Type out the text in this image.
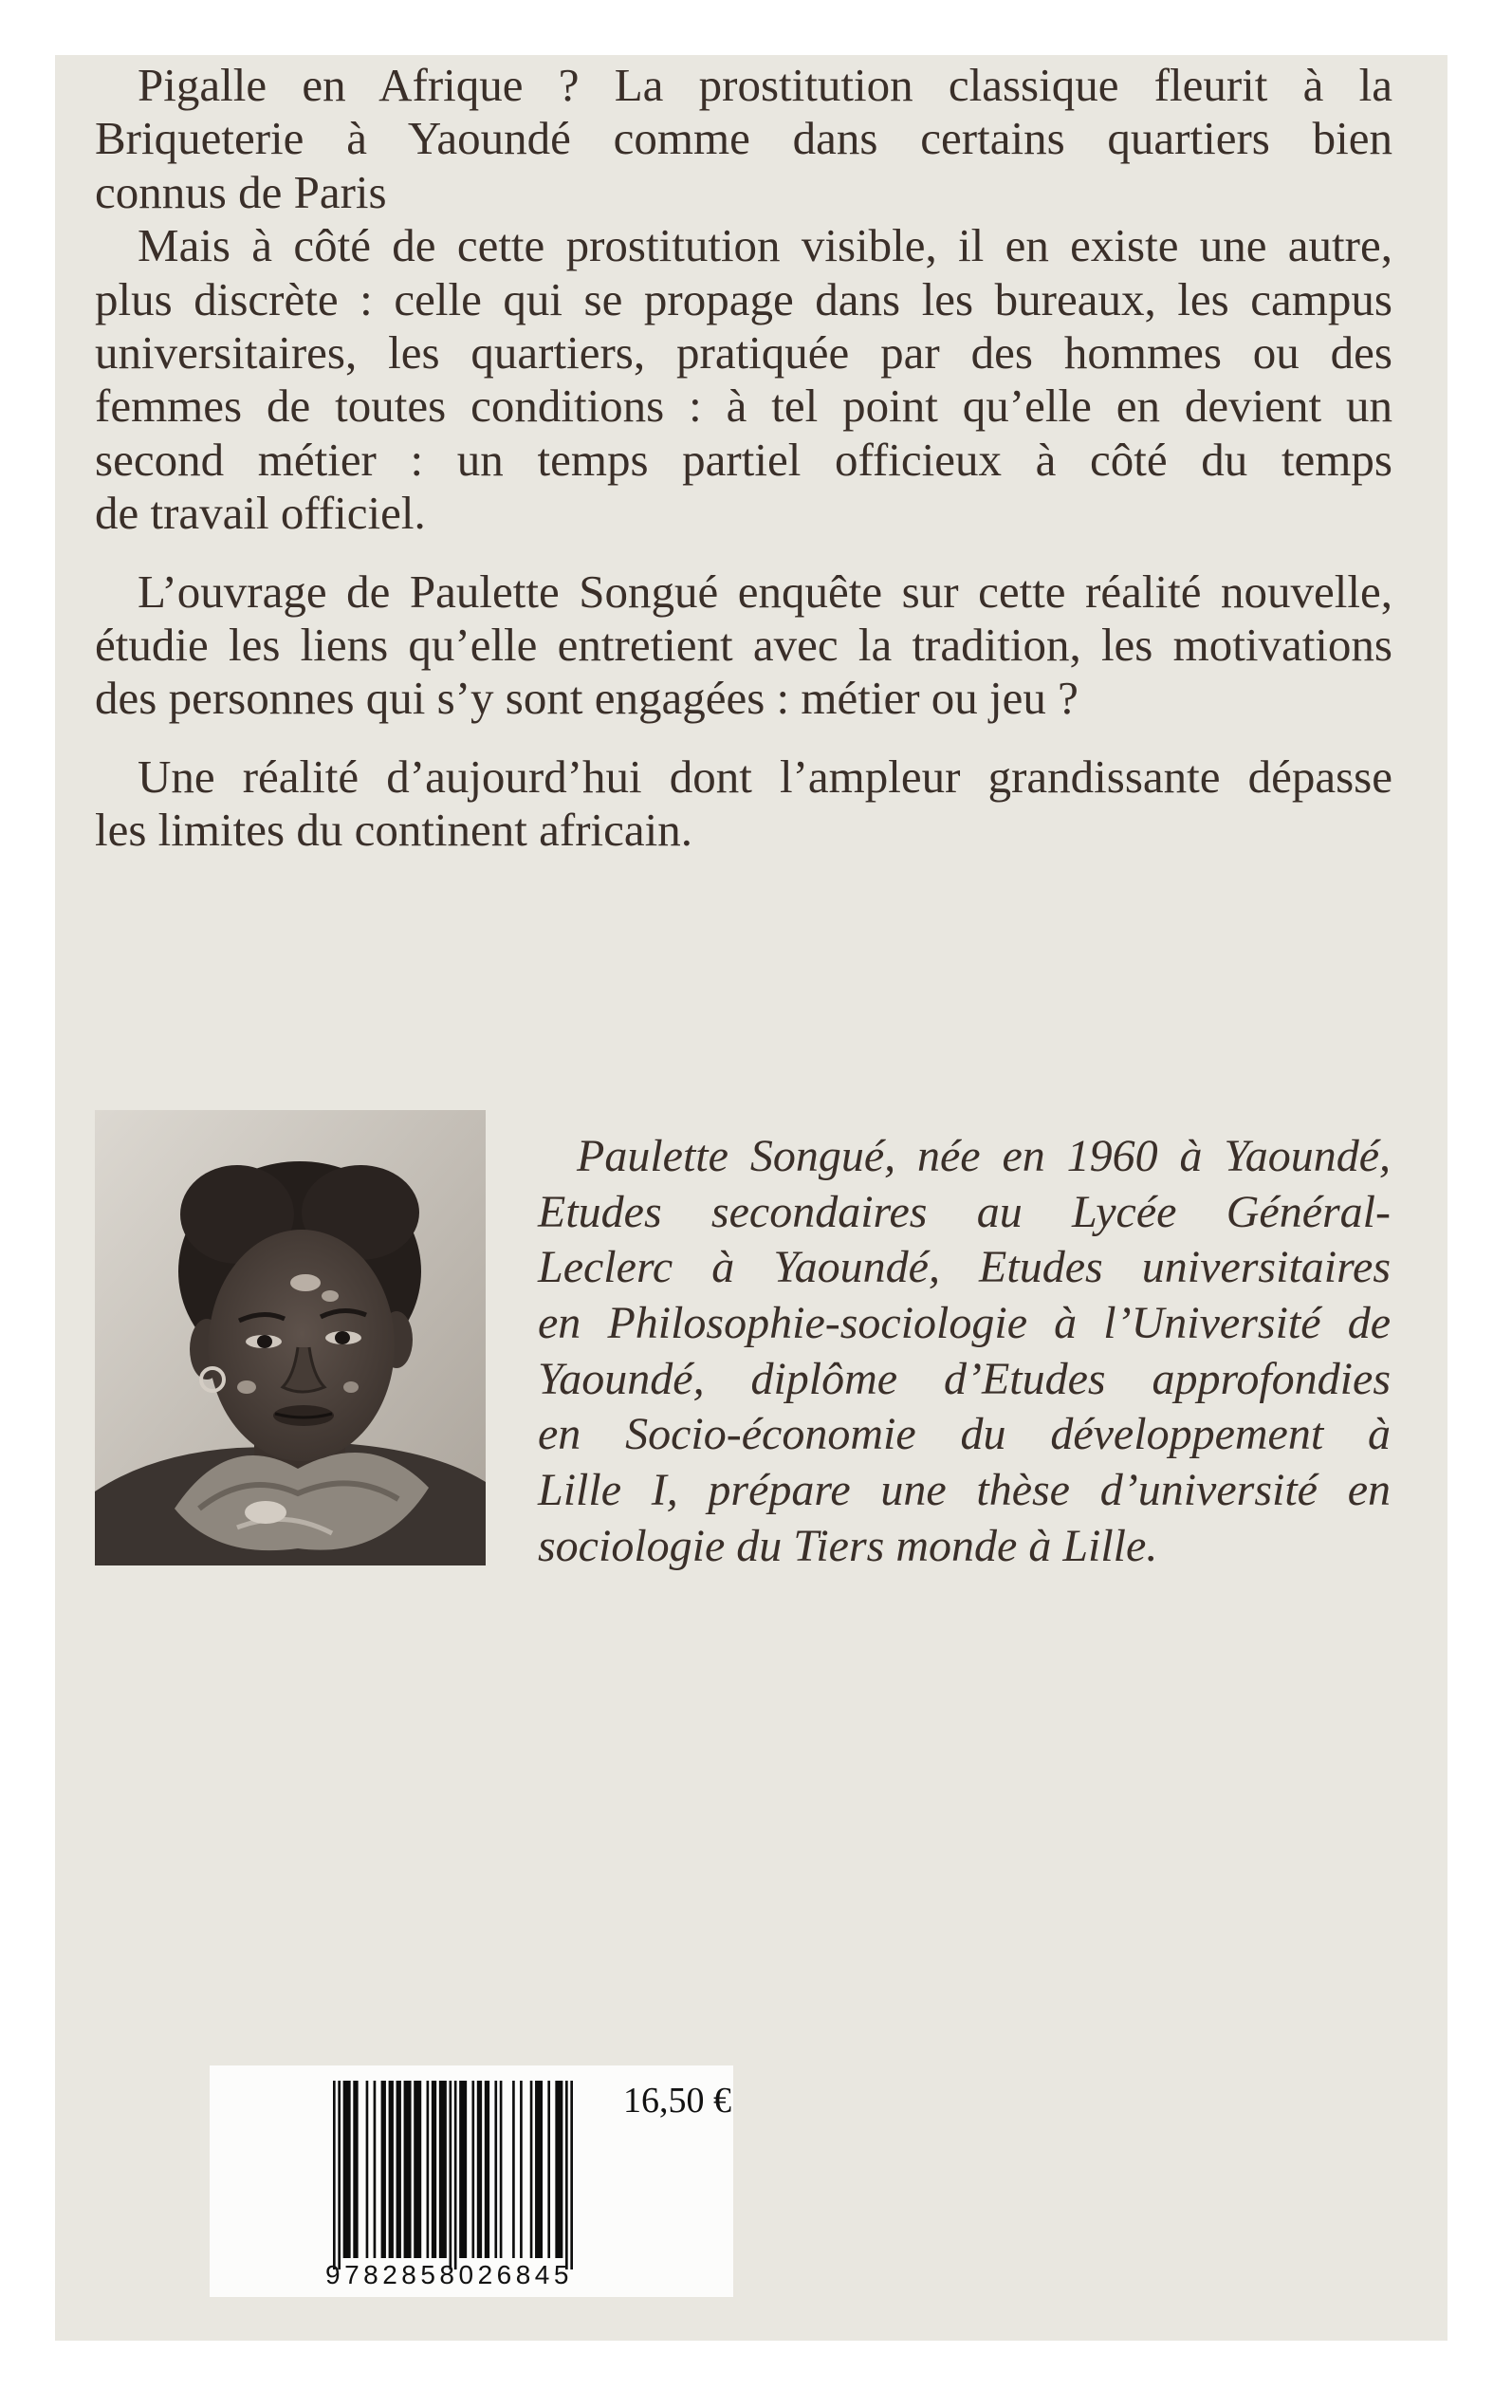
Pigalle en Afrique ? La prostitution classique fleurit à la
Briqueterie à Yaoundé comme dans certains quartiers bien
connus de Paris
Mais à côté de cette prostitution visible, il en existe une autre,
plus discrète : celle qui se propage dans les bureaux, les campus
universitaires, les quartiers, pratiquée par des hommes ou des
femmes de toutes conditions : à tel point qu’elle en devient un
second métier : un temps partiel officieux à côté du temps
de travail officiel.
L’ouvrage de Paulette Songué enquête sur cette réalité nouvelle,
étudie les liens qu’elle entretient avec la tradition, les motivations
des personnes qui s’y sont engagées : métier ou jeu ?
Une réalité d’aujourd’hui dont l’ampleur grandissante dépasse
les limites du continent africain.
Paulette Songué, née en 1960 à Yaoundé,
Etudes secondaires au Lycée Général-
Leclerc à Yaoundé, Etudes universitaires
en Philosophie-sociologie à l’Université de
Yaoundé, diplôme d’Etudes approfondies
en Socio-économie du développement à
Lille I, prépare une thèse d’université en
sociologie du Tiers monde à Lille.
9782858026845
16,50 €
